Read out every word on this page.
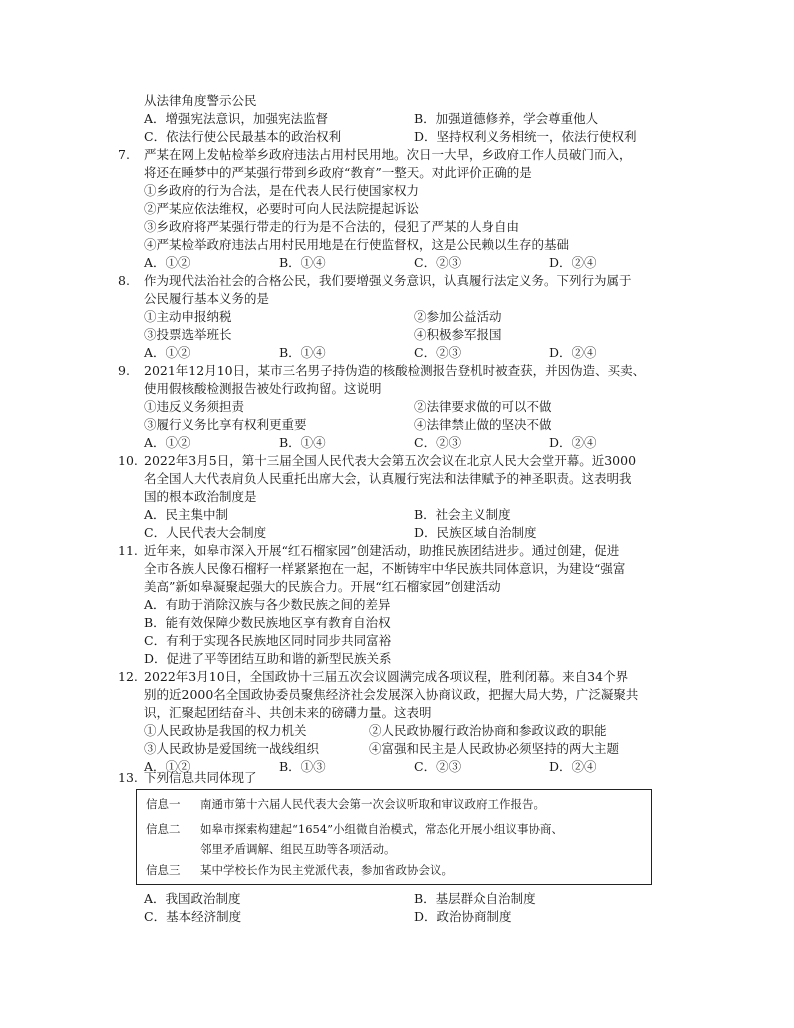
从法律角度警示公民
A．增强宪法意识，加强宪法监督	B．加强道德修养，学会尊重他人
C．依法行使公民最基本的政治权利	D．坚持权利义务相统一，依法行使权利
7. 严某在网上发帖检举乡政府违法占用村民用地。次日一大早，乡政府工作人员破门而入，
将还在睡梦中的严某强行带到乡政府“教育”一整天。对此评价正确的是
①乡政府的行为合法，是在代表人民行使国家权力
②严某应依法维权，必要时可向人民法院提起诉讼
③乡政府将严某强行带走的行为是不合法的，侵犯了严某的人身自由
④严某检举政府违法占用村民用地是在行使监督权，这是公民赖以生存的基础
A．①②	B．①④	C．②③	D．②④
8. 作为现代法治社会的合格公民，我们要增强义务意识，认真履行法定义务。下列行为属于
公民履行基本义务的是
①主动申报纳税	②参加公益活动
③投票选举班长	④积极参军报国
A．①②	B．①④	C．②③	D．②④
9. 2021年12月10日，某市三名男子持伪造的核酸检测报告登机时被查获，并因伪造、买卖、
使用假核酸检测报告被处行政拘留。这说明
①违反义务须担责	②法律要求做的可以不做
③履行义务比享有权利更重要	④法律禁止做的坚决不做
A．①②	B．①④	C．②③	D．②④
10. 2022年3月5日，第十三届全国人民代表大会第五次会议在北京人民大会堂开幕。近3000
名全国人大代表肩负人民重托出席大会，认真履行宪法和法律赋予的神圣职责。这表明我
国的根本政治制度是
A．民主集中制	B．社会主义制度
C．人民代表大会制度	D．民族区域自治制度
11. 近年来，如皋市深入开展“红石榴家园”创建活动，助推民族团结进步。通过创建，促进
全市各族人民像石榴籽一样紧紧抱在一起，不断铸牢中华民族共同体意识，为建设“强富
美高”新如皋凝聚起强大的民族合力。开展“红石榴家园”创建活动
A．有助于消除汉族与各少数民族之间的差异
B．能有效保障少数民族地区享有教育自治权
C．有利于实现各民族地区同时同步共同富裕
D．促进了平等团结互助和谐的新型民族关系
12. 2022年3月10日，全国政协十三届五次会议圆满完成各项议程，胜利闭幕。来自34个界
别的近2000名全国政协委员聚焦经济社会发展深入协商议政，把握大局大势，广泛凝聚共
识，汇聚起团结奋斗、共创未来的磅礴力量。这表明
①人民政协是我国的权力机关	②人民政协履行政治协商和参政议政的职能
③人民政协是爱国统一战线组织	④富强和民主是人民政协必须坚持的两大主题
A．①②	B．①③	C．②③	D．②④
13. 下列信息共同体现了
信息一 南通市第十六届人民代表大会第一次会议听取和审议政府工作报告。
信息二 如皋市探索构建起“1654”小组微自治模式，常态化开展小组议事协商、
邻里矛盾调解、组民互助等各项活动。
信息三 某中学校长作为民主党派代表，参加省政协会议。
A．我国政治制度	B．基层群众自治制度
C．基本经济制度	D．政治协商制度
